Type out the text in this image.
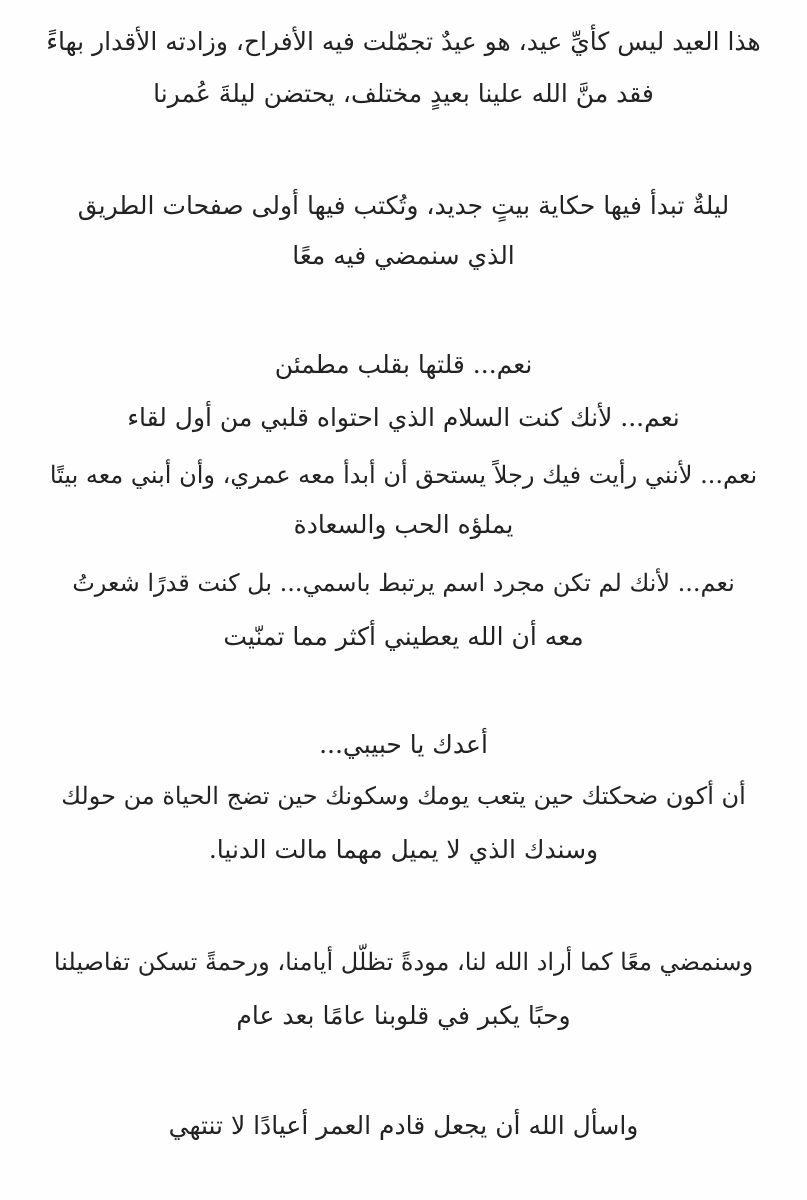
هذا العيد ليس كأيِّ عيد، هو عيدٌ تجمّلت فيه الأفراح، وزادته الأقدار بهاءً
فقد منَّ الله علينا بعيدٍ مختلف، يحتضن ليلةَ عُمرنا
ليلةٌ تبدأ فيها حكاية بيتٍ جديد، وتُكتب فيها أولى صفحات الطريق
الذي سنمضي فيه معًا
نعم... قلتها بقلب مطمئن
نعم... لأنك كنت السلام الذي احتواه قلبي من أول لقاء
نعم... لأنني رأيت فيك رجلاً يستحق أن أبدأ معه عمري، وأن أبني معه بيتًا
يملؤه الحب والسعادة
نعم... لأنك لم تكن مجرد اسم يرتبط باسمي... بل كنت قدرًا شعرتُ
معه أن الله يعطيني أكثر مما تمنّيت
أعدك يا حبيبي...
أن أكون ضحكتك حين يتعب يومك وسكونك حين تضج الحياة من حولك
وسندك الذي لا يميل مهما مالت الدنيا.
وسنمضي معًا كما أراد الله لنا، مودةً تظلّل أيامنا، ورحمةً تسكن تفاصيلنا
وحبًا يكبر في قلوبنا عامًا بعد عام
واسأل الله أن يجعل قادم العمر أعيادًا لا تنتهي
